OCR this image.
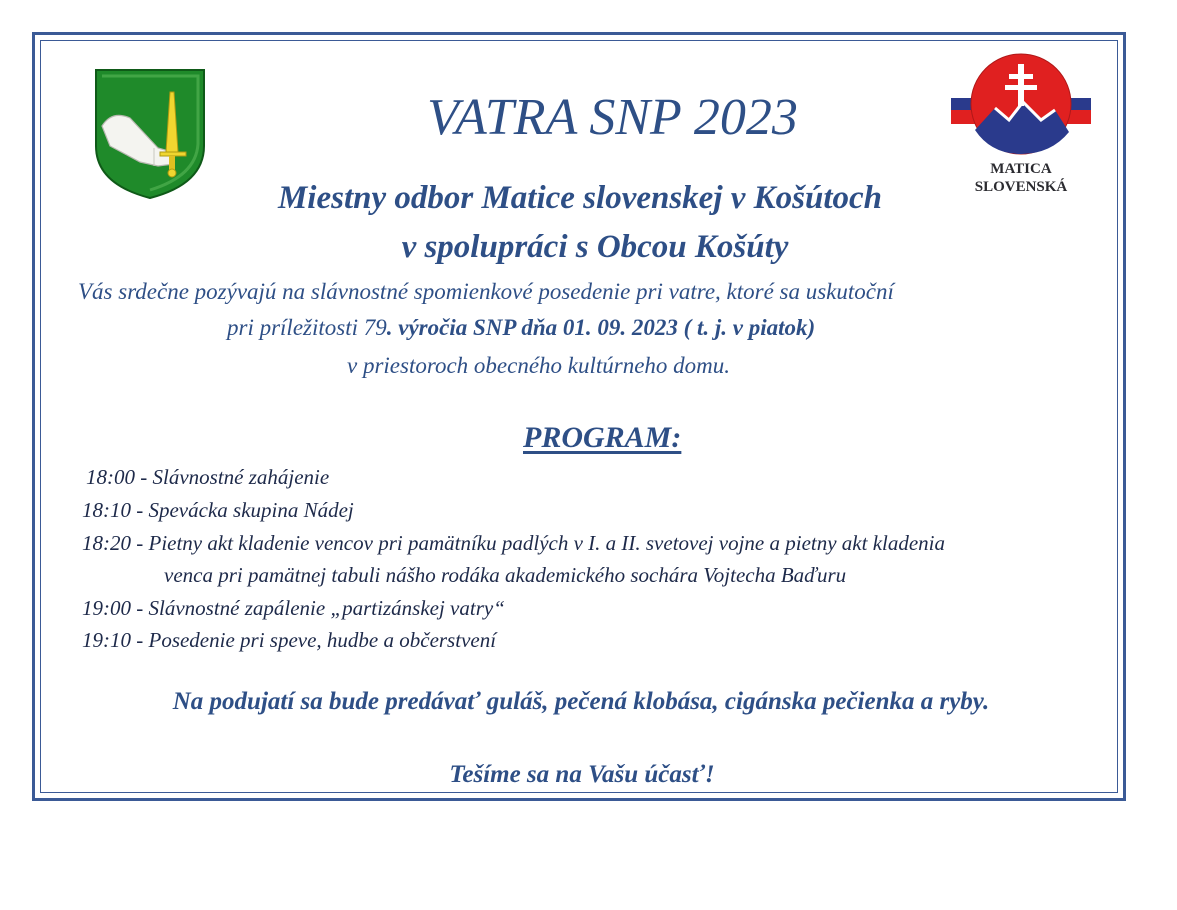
MATICA
SLOVENSKÁ
VATRA SNP 2023
Miestny odbor Matice slovenskej v Košútoch
v spolupráci s Obcou Košúty
Vás srdečne pozývajú na slávnostné spomienkové posedenie pri vatre, ktoré sa uskutoční
pri príležitosti 79. výročia SNP dňa 01. 09. 2023 ( t. j. v piatok)
v priestoroch obecného kultúrneho domu.
PROGRAM:
18:00 - Slávnostné zahájenie
18:10 - Spevácka skupina Nádej
18:20 - Pietny akt kladenie vencov pri pamätníku padlých v I. a II. svetovej vojne a pietny akt kladenia
venca pri pamätnej tabuli nášho rodáka akademického sochára Vojtecha Baďuru
19:00 - Slávnostné zapálenie „partizánskej vatry“
19:10 - Posedenie pri speve, hudbe a občerstvení
Na podujatí sa bude predávať guláš, pečená klobása, cigánska pečienka a ryby.
Tešíme sa na Vašu účasť!
